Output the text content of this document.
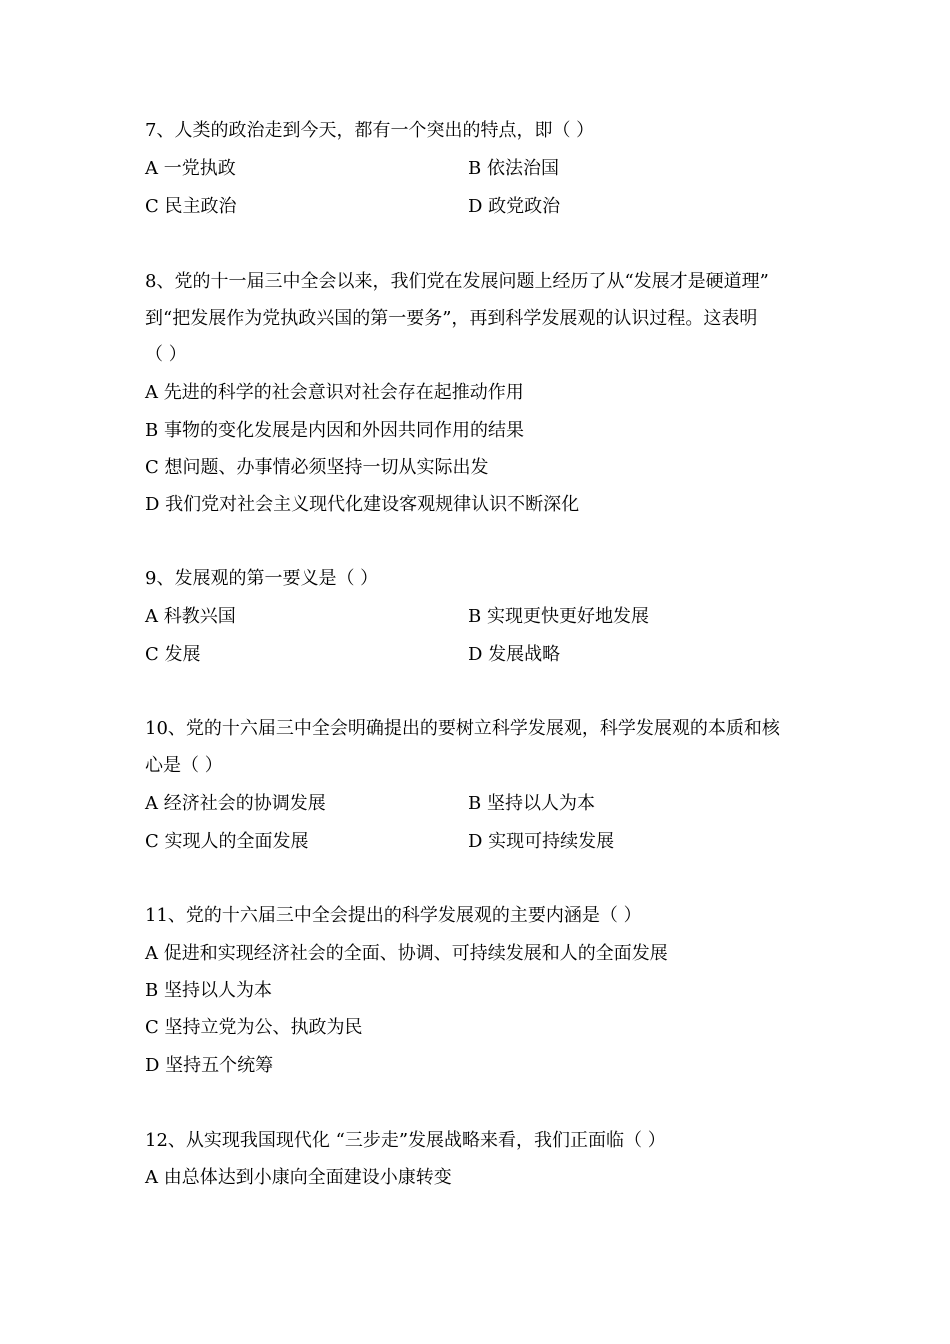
7、人类的政治走到今天，都有一个突出的特点，即（ ）
A 一党执政	B 依法治国
C 民主政治	D 政党政治
8、党的十一届三中全会以来，我们党在发展问题上经历了从“发展才是硬道理”
到“把发展作为党执政兴国的第一要务”，再到科学发展观的认识过程。这表明
（ ）
A 先进的科学的社会意识对社会存在起推动作用
B 事物的变化发展是内因和外因共同作用的结果
C 想问题、办事情必须坚持一切从实际出发
D 我们党对社会主义现代化建设客观规律认识不断深化
9、发展观的第一要义是（ ）
A 科教兴国	B 实现更快更好地发展
C 发展	D 发展战略
10、党的十六届三中全会明确提出的要树立科学发展观，科学发展观的本质和核
心是（ ）
A 经济社会的协调发展	B 坚持以人为本
C 实现人的全面发展	D 实现可持续发展
11、党的十六届三中全会提出的科学发展观的主要内涵是（ ）
A 促进和实现经济社会的全面、协调、可持续发展和人的全面发展
B 坚持以人为本
C 坚持立党为公、执政为民
D 坚持五个统筹
12、从实现我国现代化 “三步走”发展战略来看，我们正面临（ ）
A 由总体达到小康向全面建设小康转变
